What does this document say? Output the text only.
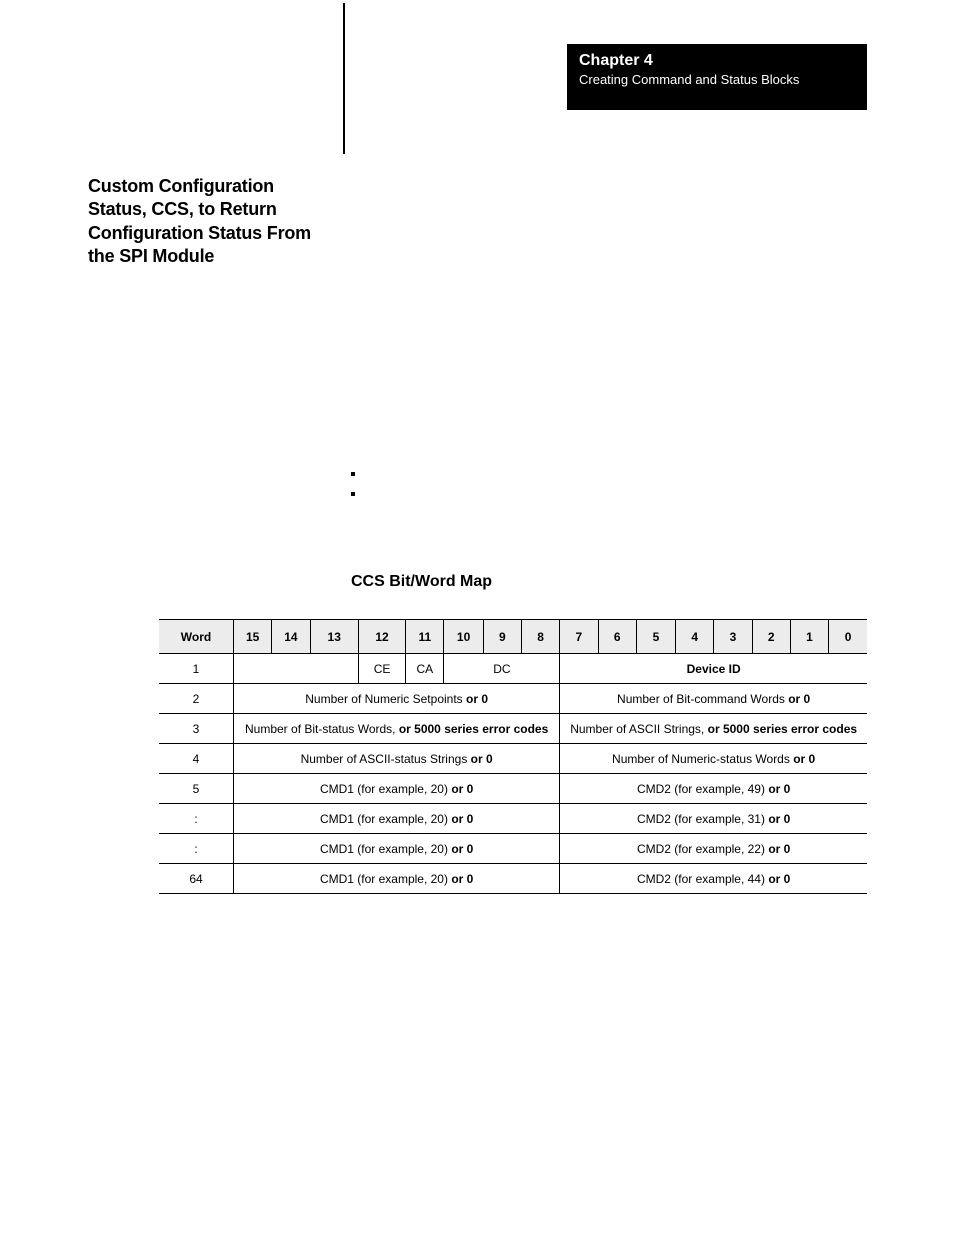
Chapter 4
Creating Command and Status Blocks
Custom Configuration Status, CCS, to Return Configuration Status From the SPI Module
CCS Bit/Word Map
Word	15	14	13	12	11	10	9	8	7	6	5	4	3	2	1	0
1				CE	CA	DC			Device ID							
2	Number of Numeric Setpoints or 0								Number of Bit-command Words or 0							
3	Number of Bit-status Words, or 5000 series error codes								Number of ASCII Strings, or 5000 series error codes							
4	Number of ASCII-status Strings or 0								Number of Numeric-status Words or 0							
5	CMD1 (for example, 20) or 0								CMD2 (for example, 49) or 0							
:	CMD1 (for example, 20) or 0								CMD2 (for example, 31) or 0							
:	CMD1 (for example, 20) or 0								CMD2 (for example, 22) or 0							
64	CMD1 (for example, 20) or 0								CMD2 (for example, 44) or 0							
